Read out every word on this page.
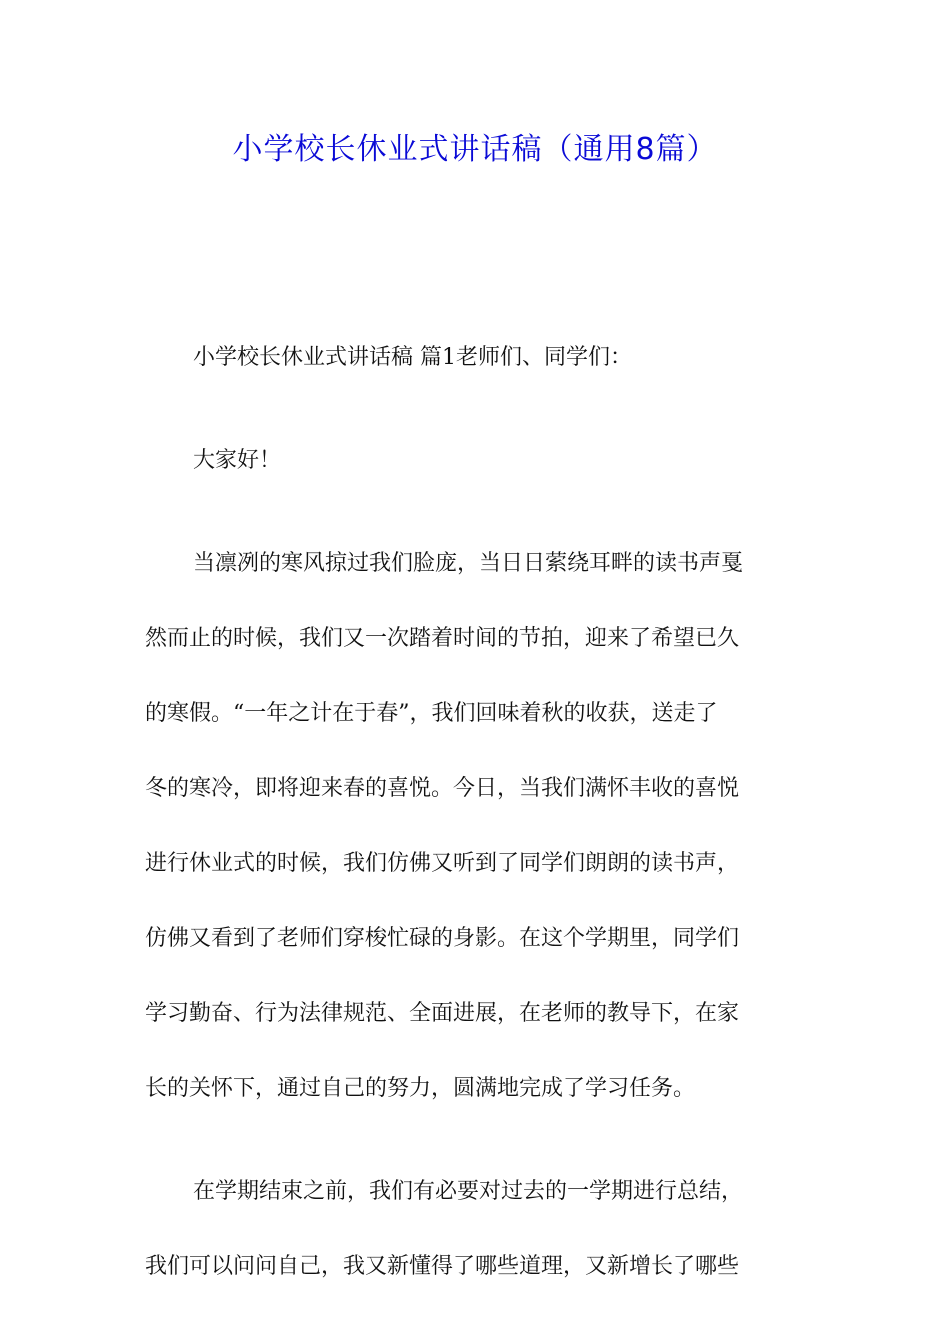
小学校长休业式讲话稿（通用8篇）
小学校长休业式讲话稿 篇1老师们、同学们：
大家好！
当凛冽的寒风掠过我们脸庞，当日日萦绕耳畔的读书声戛
然而止的时候，我们又一次踏着时间的节拍，迎来了希望已久
的寒假。“一年之计在于春”，我们回味着秋的收获，送走了
冬的寒冷，即将迎来春的喜悦。今日，当我们满怀丰收的喜悦
进行休业式的时候，我们仿佛又听到了同学们朗朗的读书声，
仿佛又看到了老师们穿梭忙碌的身影。在这个学期里，同学们
学习勤奋、行为法律规范、全面进展，在老师的教导下，在家
长的关怀下，通过自己的努力，圆满地完成了学习任务。
在学期结束之前，我们有必要对过去的一学期进行总结，
我们可以问问自己，我又新懂得了哪些道理，又新增长了哪些
